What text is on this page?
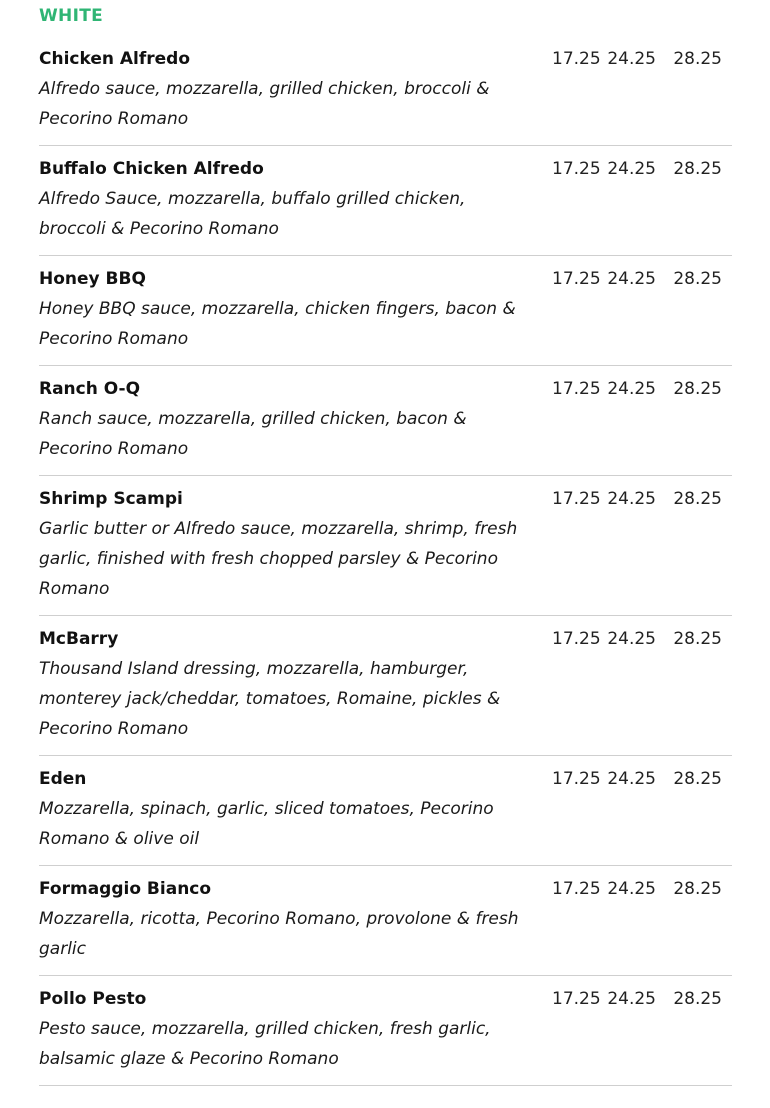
WHITE
Chicken Alfredo	17.25 24.25 28.25
Alfredo sauce, mozzarella, grilled chicken, broccoli & Pecorino Romano
Buffalo Chicken Alfredo	17.25 24.25 28.25
Alfredo Sauce, mozzarella, buffalo grilled chicken, broccoli & Pecorino Romano
Honey BBQ	17.25 24.25 28.25
Honey BBQ sauce, mozzarella, chicken fingers, bacon & Pecorino Romano
Ranch O-Q	17.25 24.25 28.25
Ranch sauce, mozzarella, grilled chicken, bacon & Pecorino Romano
Shrimp Scampi	17.25 24.25 28.25
Garlic butter or Alfredo sauce, mozzarella, shrimp, fresh garlic, finished with fresh chopped parsley & Pecorino Romano
McBarry	17.25 24.25 28.25
Thousand Island dressing, mozzarella, hamburger, monterey jack/cheddar, tomatoes, Romaine, pickles & Pecorino Romano
Eden	17.25 24.25 28.25
Mozzarella, spinach, garlic, sliced tomatoes, Pecorino Romano & olive oil
Formaggio Bianco	17.25 24.25 28.25
Mozzarella, ricotta, Pecorino Romano, provolone & fresh garlic
Pollo Pesto	17.25 24.25 28.25
Pesto sauce, mozzarella, grilled chicken, fresh garlic, balsamic glaze & Pecorino Romano
